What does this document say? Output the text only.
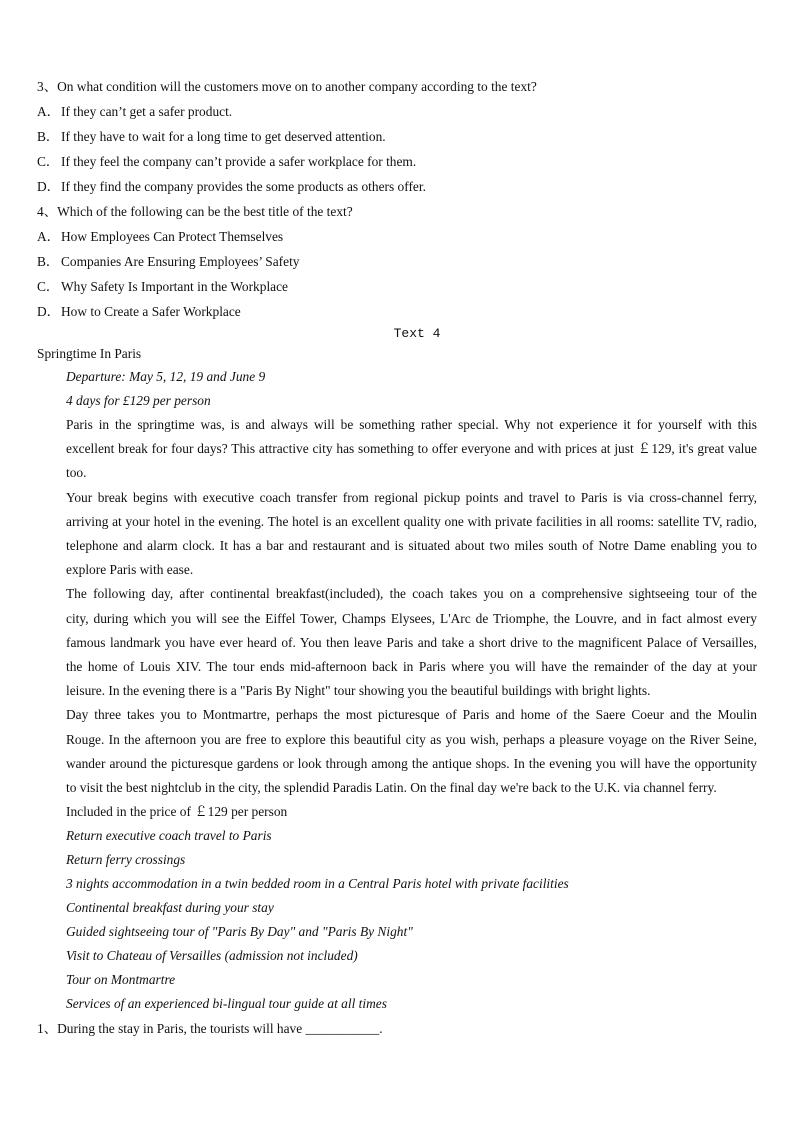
3、On what condition will the customers move on to another company according to the text?
A．If they can’t get a safer product.
B． If they have to wait for a long time to get deserved attention.
C． If they feel the company can’t provide a safer workplace for them.
D．If they find the company provides the some products as others offer.
4、Which of the following can be the best title of the text?
A．How Employees Can Protect Themselves
B． Companies Are Ensuring Employees’ Safety
C． Why Safety Is Important in the Workplace
D．How to Create a Safer Workplace
Text 4
Springtime In Paris
Departure: May 5, 12, 19 and June 9
4 days for £129 per person
Paris in the springtime was, is and always will be something rather special. Why not experience it for yourself with this
excellent break for four days? This attractive city has something to offer everyone and with prices at just ￡129, it's great value
too.
Your break begins with executive coach transfer from regional pickup points and travel to Paris is via cross-channel ferry,
arriving at your hotel in the evening. The hotel is an excellent quality one with private facilities in all rooms: satellite TV, radio,
telephone and alarm clock. It has a bar and restaurant and is situated about two miles south of Notre Dame enabling you to
explore Paris with ease.
The following day, after continental breakfast(included), the coach takes you on a comprehensive sightseeing tour of the
city, during which you will see the Eiffel Tower, Champs Elysees, L'Arc de Triomphe, the Louvre, and in fact almost every
famous landmark you have ever heard of. You then leave Paris and take a short drive to the magnificent Palace of Versailles,
the home of Louis XIV. The tour ends mid-afternoon back in Paris where you will have the remainder of the day at your
leisure. In the evening there is a "Paris By Night" tour showing you the beautiful buildings with bright lights.
Day three takes you to Montmartre, perhaps the most picturesque of Paris and home of the Saere Coeur and the Moulin
Rouge. In the afternoon you are free to explore this beautiful city as you wish, perhaps a pleasure voyage on the River Seine,
wander around the picturesque gardens or look through among the antique shops. In the evening you will have the opportunity
to visit the best nightclub in the city, the splendid Paradis Latin. On the final day we're back to the U.K. via channel ferry.
Included in the price of ￡129 per person
Return executive coach travel to Paris
Return ferry crossings
3 nights accommodation in a twin bedded room in a Central Paris hotel with private facilities
Continental breakfast during your stay
Guided sightseeing tour of "Paris By Day" and "Paris By Night"
Visit to Chateau of Versailles (admission not included)
Tour on Montmartre
Services of an experienced bi-lingual tour guide at all times
1、During the stay in Paris, the tourists will have ___________.
